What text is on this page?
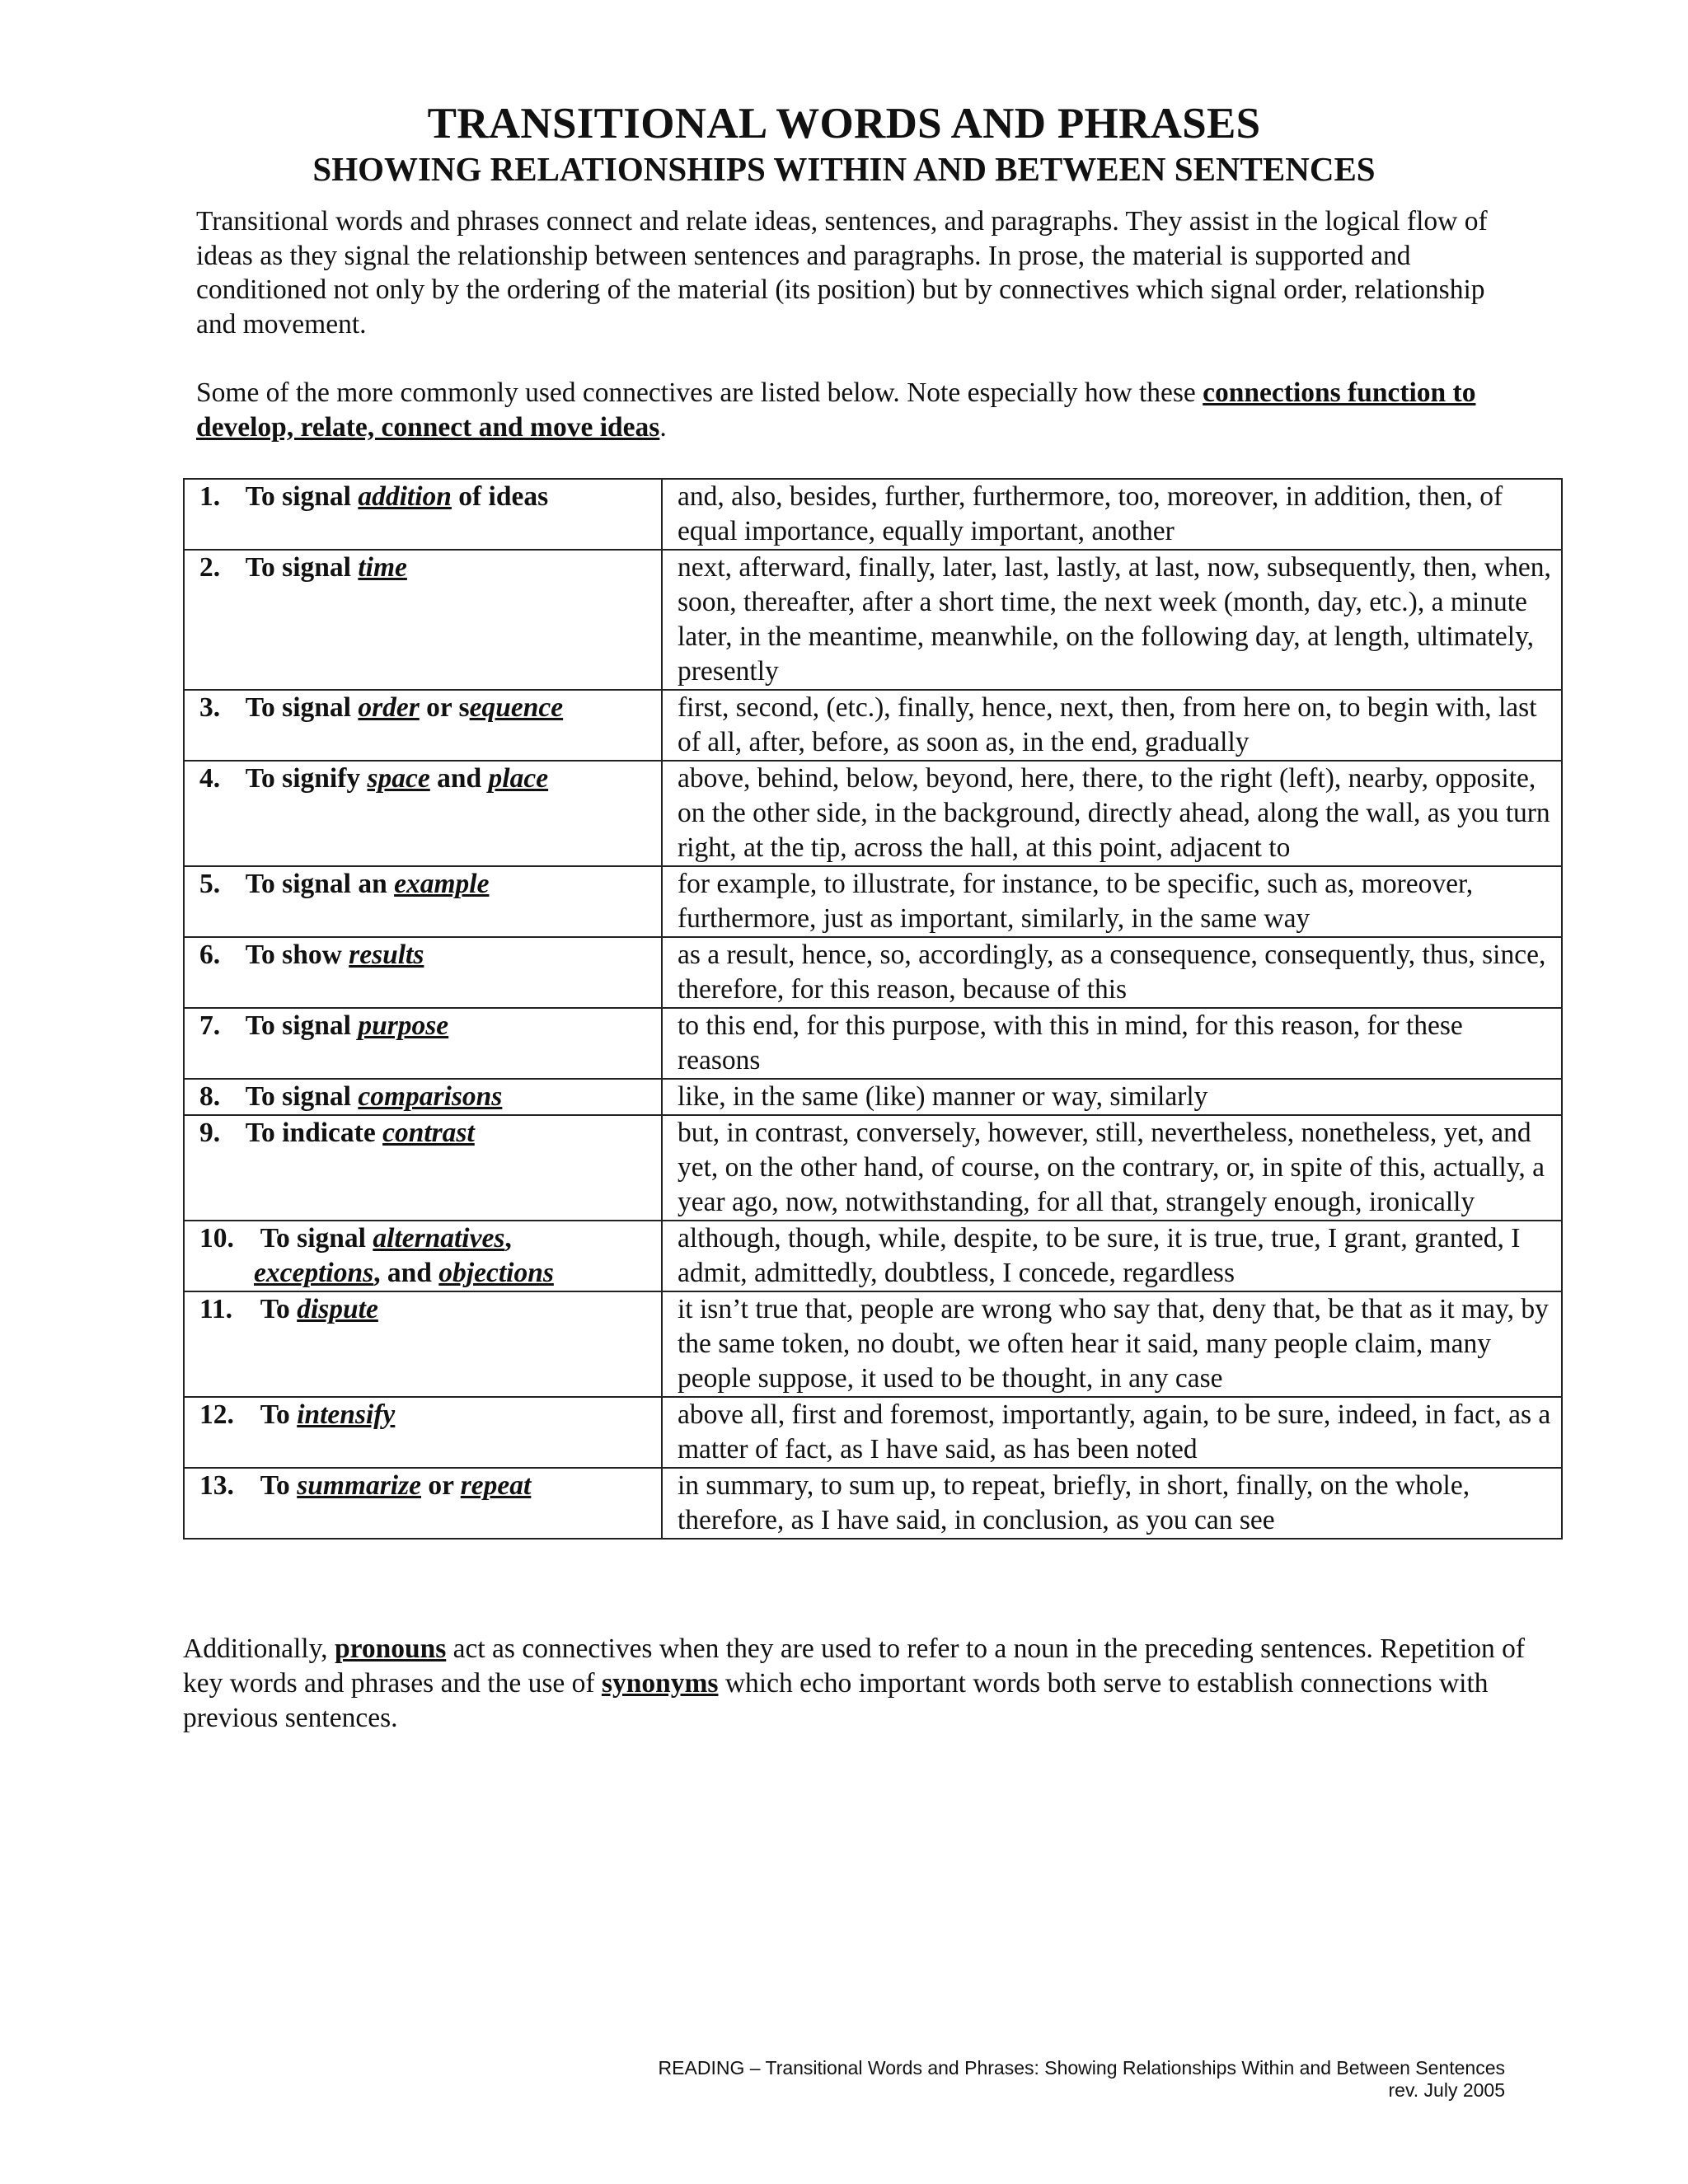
TRANSITIONAL WORDS AND PHRASES
SHOWING RELATIONSHIPS WITHIN AND BETWEEN SENTENCES

Transitional words and phrases connect and relate ideas, sentences, and paragraphs. They assist in the logical flow of ideas as they signal the relationship between sentences and paragraphs. In prose, the material is supported and conditioned not only by the ordering of the material (its position) but by connectives which signal order, relationship and movement.

Some of the more commonly used connectives are listed below. Note especially how these connections function to develop, relate, connect and move ideas.

1. To signal addition of ideas	and, also, besides, further, furthermore, too, moreover, in addition, then, of equal importance, equally important, another
2. To signal time	next, afterward, finally, later, last, lastly, at last, now, subsequently, then, when, soon, thereafter, after a short time, the next week (month, day, etc.), a minute later, in the meantime, meanwhile, on the following day, at length, ultimately, presently
3. To signal order or sequence	first, second, (etc.), finally, hence, next, then, from here on, to begin with, last of all, after, before, as soon as, in the end, gradually
4. To signify space and place	above, behind, below, beyond, here, there, to the right (left), nearby, opposite, on the other side, in the background, directly ahead, along the wall, as you turn right, at the tip, across the hall, at this point, adjacent to
5. To signal an example	for example, to illustrate, for instance, to be specific, such as, moreover, furthermore, just as important, similarly, in the same way
6. To show results	as a result, hence, so, accordingly, as a consequence, consequently, thus, since, therefore, for this reason, because of this
7. To signal purpose	to this end, for this purpose, with this in mind, for this reason, for these reasons
8. To signal comparisons	like, in the same (like) manner or way, similarly
9. To indicate contrast	but, in contrast, conversely, however, still, nevertheless, nonetheless, yet, and yet, on the other hand, of course, on the contrary, or, in spite of this, actually, a year ago, now, notwithstanding, for all that, strangely enough, ironically
10. To signal alternatives,
exceptions, and objections	although, though, while, despite, to be sure, it is true, true, I grant, granted, I admit, admittedly, doubtless, I concede, regardless
11. To dispute	it isn’t true that, people are wrong who say that, deny that, be that as it may, by the same token, no doubt, we often hear it said, many people claim, many people suppose, it used to be thought, in any case
12. To intensify	above all, first and foremost, importantly, again, to be sure, indeed, in fact, as a matter of fact, as I have said, as has been noted
13. To summarize or repeat	in summary, to sum up, to repeat, briefly, in short, finally, on the whole, therefore, as I have said, in conclusion, as you can see

Additionally, pronouns act as connectives when they are used to refer to a noun in the preceding sentences. Repetition of key words and phrases and the use of synonyms which echo important words both serve to establish connections with previous sentences.

READING – Transitional Words and Phrases: Showing Relationships Within and Between Sentences
rev. July 2005
